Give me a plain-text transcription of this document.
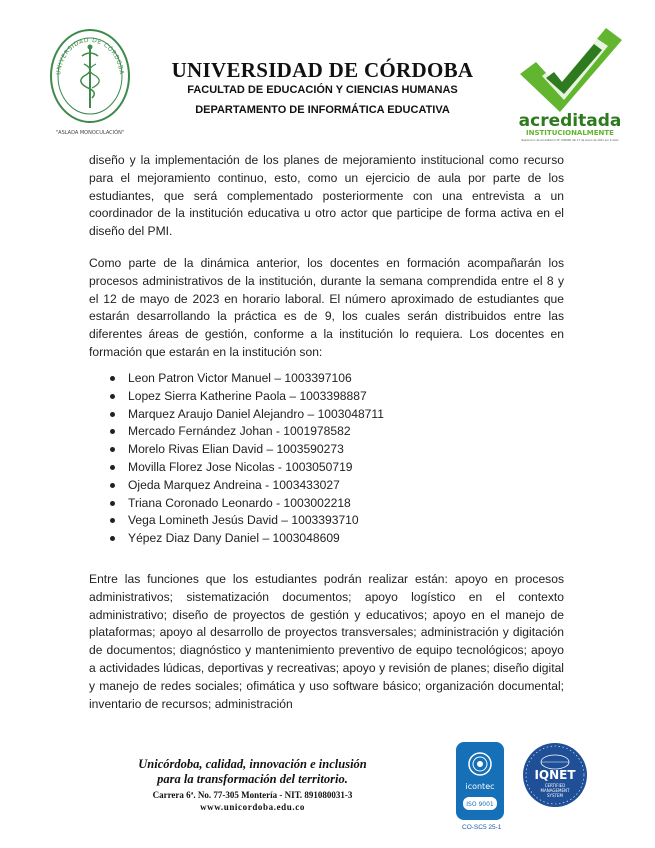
UNIVERSIDAD DE CÓRDOBA
"ASLADA MONOCULACIÓN"
UNIVERSIDAD DE CÓRDOBA
FACULTAD DE EDUCACIÓN Y CIENCIAS HUMANAS
DEPARTAMENTO DE INFORMÁTICA EDUCATIVA
acreditada
INSTITUCIONALMENTE
Resolución de Acreditación N° 000000 del 17 de enero de 2021 por 6 años

diseño y la implementación de los planes de mejoramiento institucional como recurso para el mejoramiento continuo, esto, como un ejercicio de aula por parte de los estudiantes, que será complementado posteriormente con una entrevista a un coordinador de la institución educativa u otro actor que participe de forma activa en el diseño del PMI.

Como parte de la dinámica anterior, los docentes en formación acompañarán los procesos administrativos de la institución, durante la semana comprendida entre el 8 y el 12 de mayo de 2023 en horario laboral. El número aproximado de estudiantes que estarán desarrollando la práctica es de 9, los cuales serán distribuidos entre las diferentes áreas de gestión, conforme a la institución lo requiera. Los docentes en formación que estarán en la institución son:

Leon Patron Victor Manuel – 1003397106
Lopez Sierra Katherine Paola – 1003398887
Marquez Araujo Daniel Alejandro – 1003048711
Mercado Fernández Johan - 1001978582
Morelo Rivas Elian David – 1003590273
Movilla Florez Jose Nicolas - 1003050719
Ojeda Marquez Andreina - 1003433027
Triana Coronado Leonardo - 1003002218
Vega Lomineth Jesús David – 1003393710
Yépez Diaz Dany Daniel – 1003048609

Entre las funciones que los estudiantes podrán realizar están: apoyo en procesos administrativos; sistematización documentos; apoyo logístico en el contexto administrativo; diseño de proyectos de gestión y educativos; apoyo en el manejo de plataformas; apoyo al desarrollo de proyectos transversales; administración y digitación de documentos; diagnóstico y mantenimiento preventivo de equipo tecnológicos; apoyo a actividades lúdicas, deportivas y recreativas; apoyo y revisión de planes; diseño digital y manejo de redes sociales; ofimática y uso software básico; organización documental; inventario de recursos; administración

Unicórdoba, calidad, innovación e inclusión
para la transformación del territorio.
Carrera 6ª. No. 77-305 Montería - NIT. 891080031-3
www.unicordoba.edu.co
icontec
ISO 9001
IQNET
CERTIFIED
MANAGEMENT
SYSTEM
CO-SC5 25-1
